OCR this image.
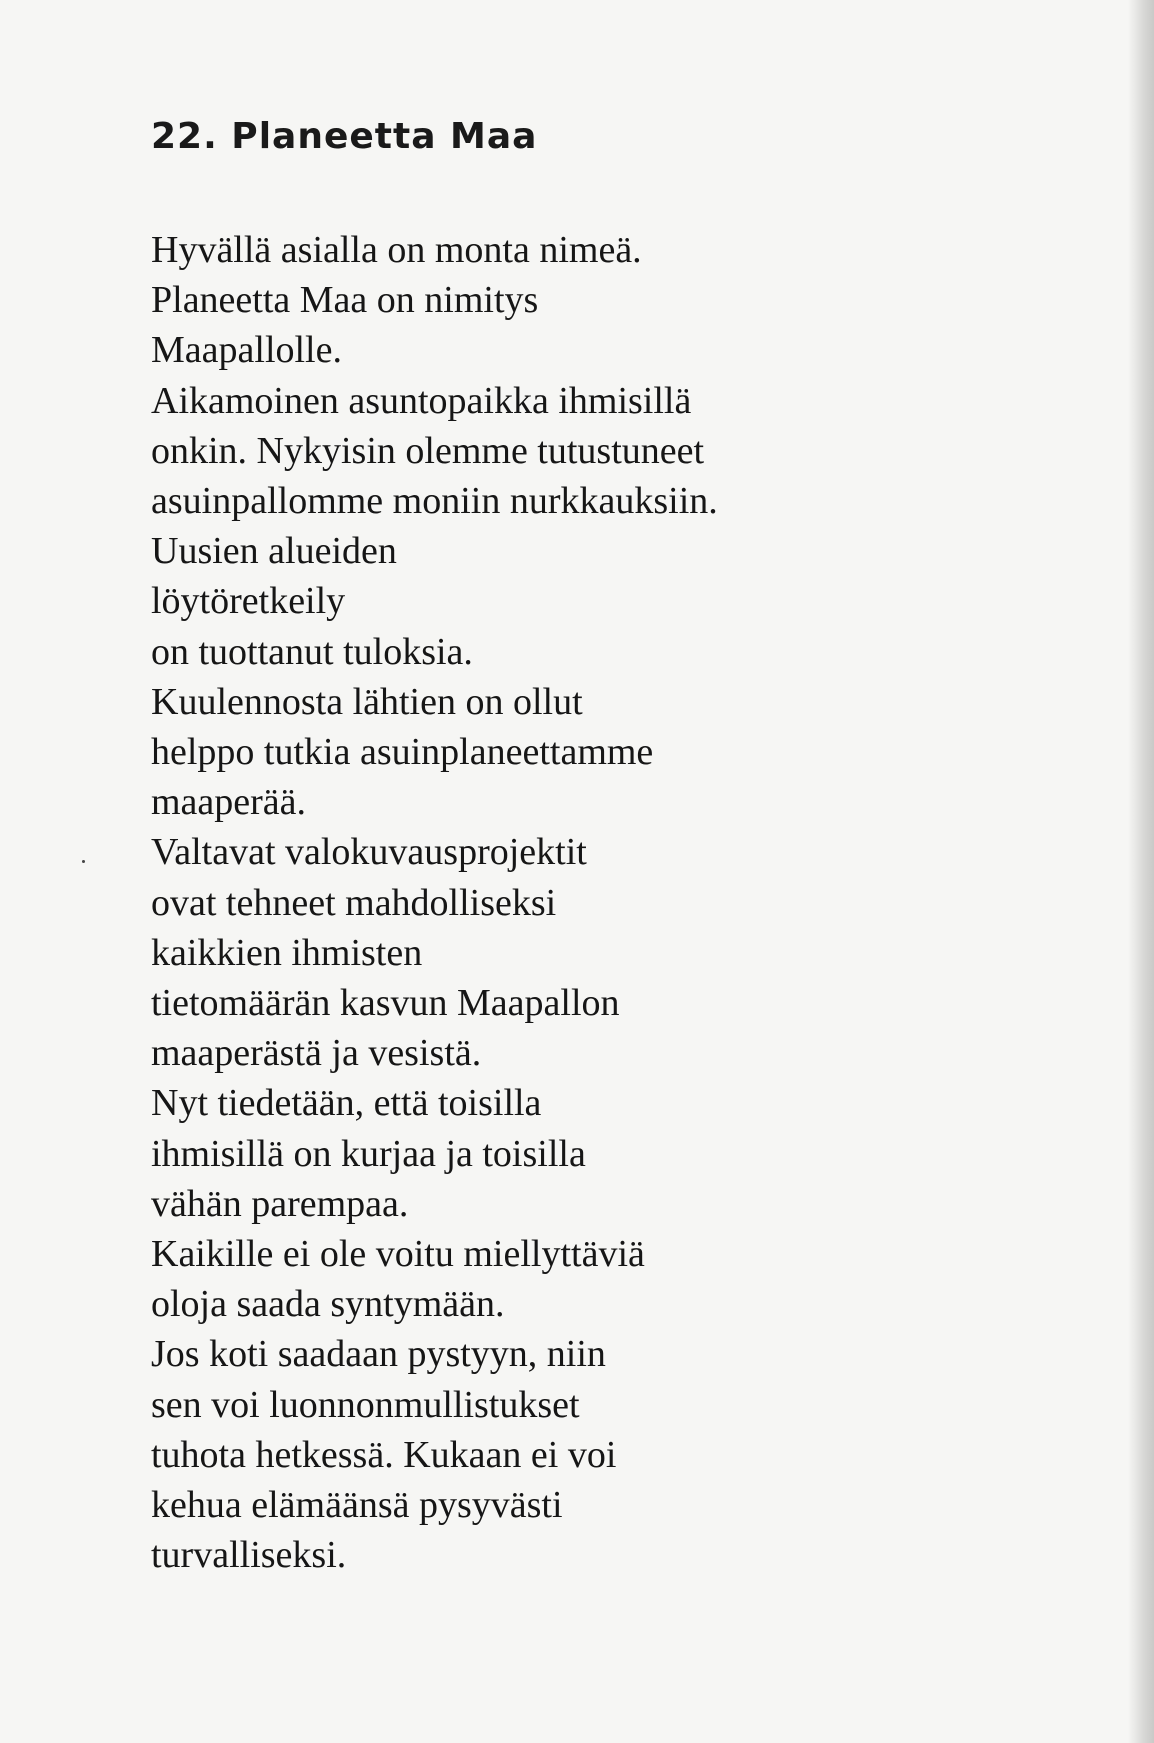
22. Planeetta Maa
Hyvällä asialla on monta nimeä.
Planeetta Maa on nimitys
Maapallolle.
Aikamoinen asuntopaikka ihmisillä
onkin. Nykyisin olemme tutustuneet
asuinpallomme moniin nurkkauksiin.
Uusien alueiden
löytöretkeily
on tuottanut tuloksia.
Kuulennosta lähtien on ollut
helppo tutkia asuinplaneettamme
maaperää.
Valtavat valokuvausprojektit
ovat tehneet mahdolliseksi
kaikkien ihmisten
tietomäärän kasvun Maapallon
maaperästä ja vesistä.
Nyt tiedetään, että toisilla
ihmisillä on kurjaa ja toisilla
vähän parempaa.
Kaikille ei ole voitu miellyttäviä
oloja saada syntymään.
Jos koti saadaan pystyyn, niin
sen voi luonnonmullistukset
tuhota hetkessä. Kukaan ei voi
kehua elämäänsä pysyvästi
turvalliseksi.
